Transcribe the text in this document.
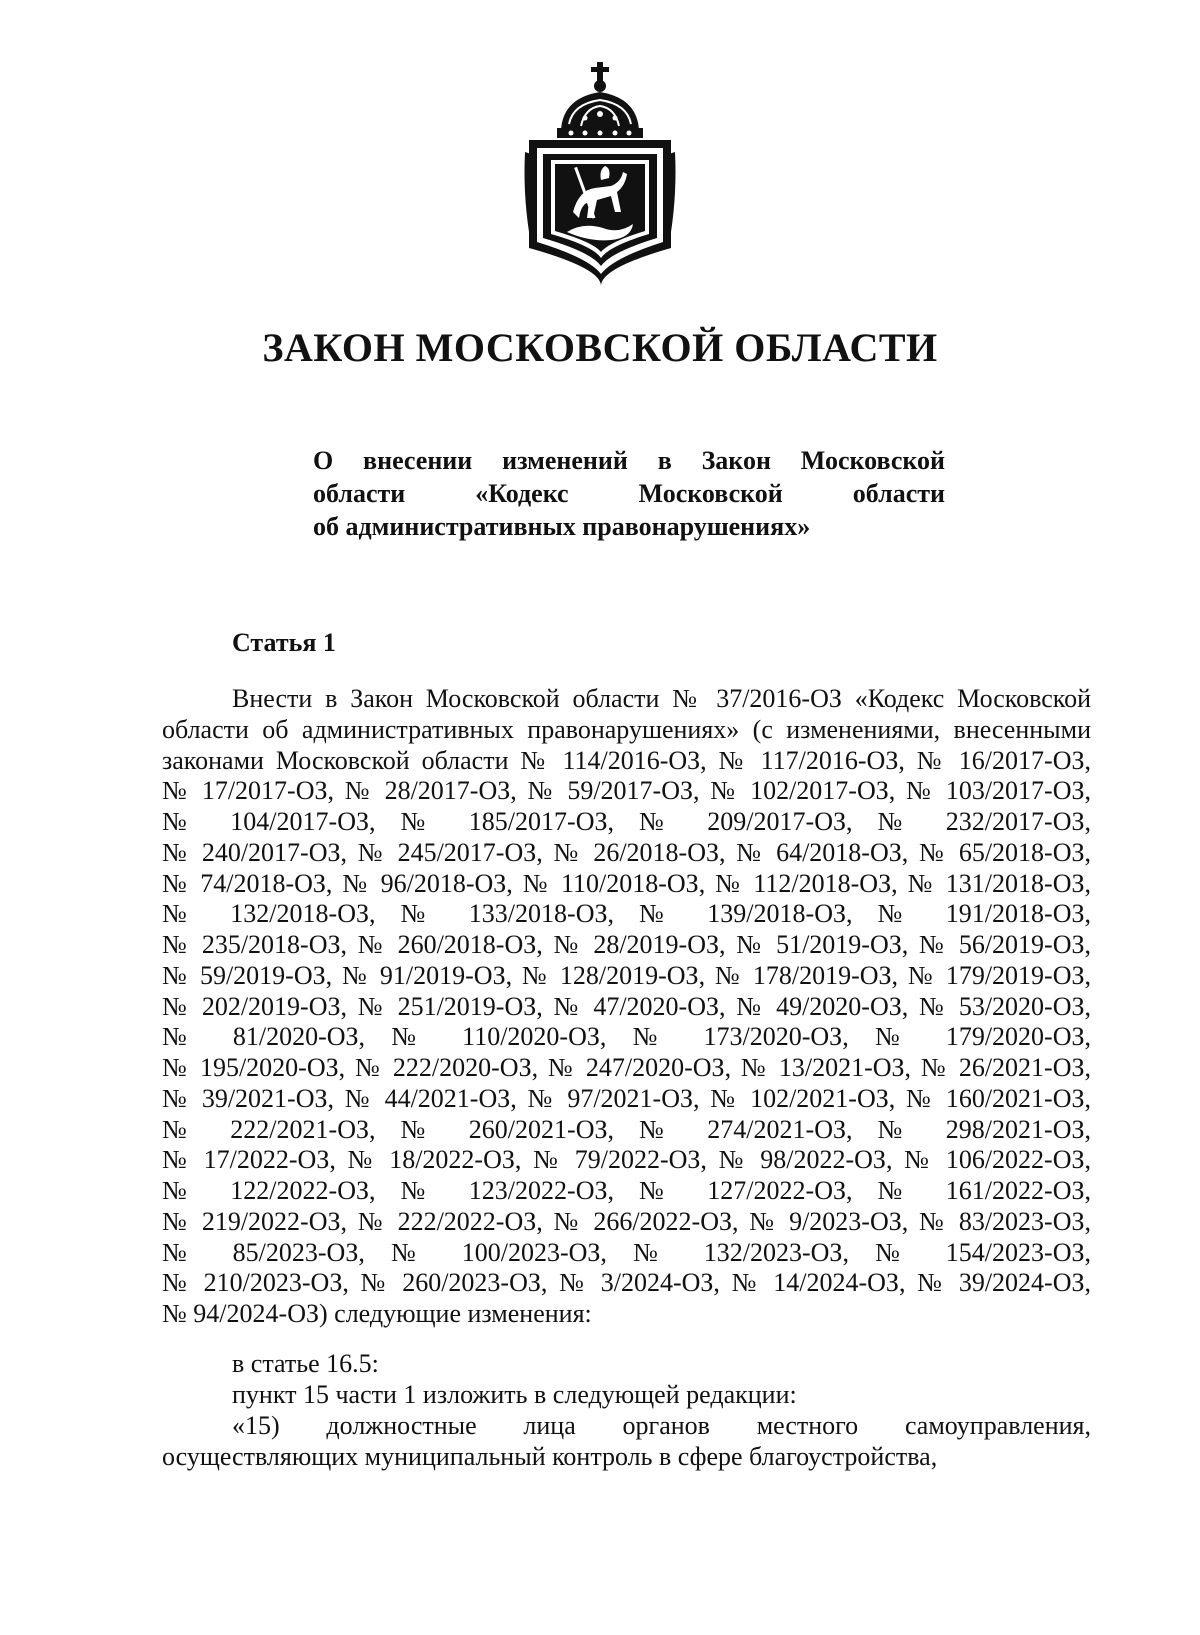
ЗАКОН МОСКОВСКОЙ ОБЛАСТИ
О внесении изменений в Закон Московской
области «Кодекс Московской области
об административных правонарушениях»
Статья 1
Внести в Закон Московской области № 37/2016-ОЗ «Кодекс Московской
области об административных правонарушениях» (с изменениями, внесенными
законами Московской области № 114/2016-ОЗ, № 117/2016-ОЗ, № 16/2017-ОЗ,
№ 17/2017-ОЗ, № 28/2017-ОЗ, № 59/2017-ОЗ, № 102/2017-ОЗ, № 103/2017-ОЗ,
№ 104/2017-ОЗ, № 185/2017-ОЗ, № 209/2017-ОЗ, № 232/2017-ОЗ,
№ 240/2017-ОЗ, № 245/2017-ОЗ, № 26/2018-ОЗ, № 64/2018-ОЗ, № 65/2018-ОЗ,
№ 74/2018-ОЗ, № 96/2018-ОЗ, № 110/2018-ОЗ, № 112/2018-ОЗ, № 131/2018-ОЗ,
№ 132/2018-ОЗ, № 133/2018-ОЗ, № 139/2018-ОЗ, № 191/2018-ОЗ,
№ 235/2018-ОЗ, № 260/2018-ОЗ, № 28/2019-ОЗ, № 51/2019-ОЗ, № 56/2019-ОЗ,
№ 59/2019-ОЗ, № 91/2019-ОЗ, № 128/2019-ОЗ, № 178/2019-ОЗ, № 179/2019-ОЗ,
№ 202/2019-ОЗ, № 251/2019-ОЗ, № 47/2020-ОЗ, № 49/2020-ОЗ, № 53/2020-ОЗ,
№ 81/2020-ОЗ, № 110/2020-ОЗ, № 173/2020-ОЗ, № 179/2020-ОЗ,
№ 195/2020-ОЗ, № 222/2020-ОЗ, № 247/2020-ОЗ, № 13/2021-ОЗ, № 26/2021-ОЗ,
№ 39/2021-ОЗ, № 44/2021-ОЗ, № 97/2021-ОЗ, № 102/2021-ОЗ, № 160/2021-ОЗ,
№ 222/2021-ОЗ, № 260/2021-ОЗ, № 274/2021-ОЗ, № 298/2021-ОЗ,
№ 17/2022-ОЗ, № 18/2022-ОЗ, № 79/2022-ОЗ, № 98/2022-ОЗ, № 106/2022-ОЗ,
№ 122/2022-ОЗ, № 123/2022-ОЗ, № 127/2022-ОЗ, № 161/2022-ОЗ,
№ 219/2022-ОЗ, № 222/2022-ОЗ, № 266/2022-ОЗ, № 9/2023-ОЗ, № 83/2023-ОЗ,
№ 85/2023-ОЗ, № 100/2023-ОЗ, № 132/2023-ОЗ, № 154/2023-ОЗ,
№ 210/2023-ОЗ, № 260/2023-ОЗ, № 3/2024-ОЗ, № 14/2024-ОЗ, № 39/2024-ОЗ,
№ 94/2024-ОЗ) следующие изменения:
в статье 16.5:
пункт 15 части 1 изложить в следующей редакции:
«15) должностные лица органов местного самоуправления,
осуществляющих муниципальный контроль в сфере благоустройства,
